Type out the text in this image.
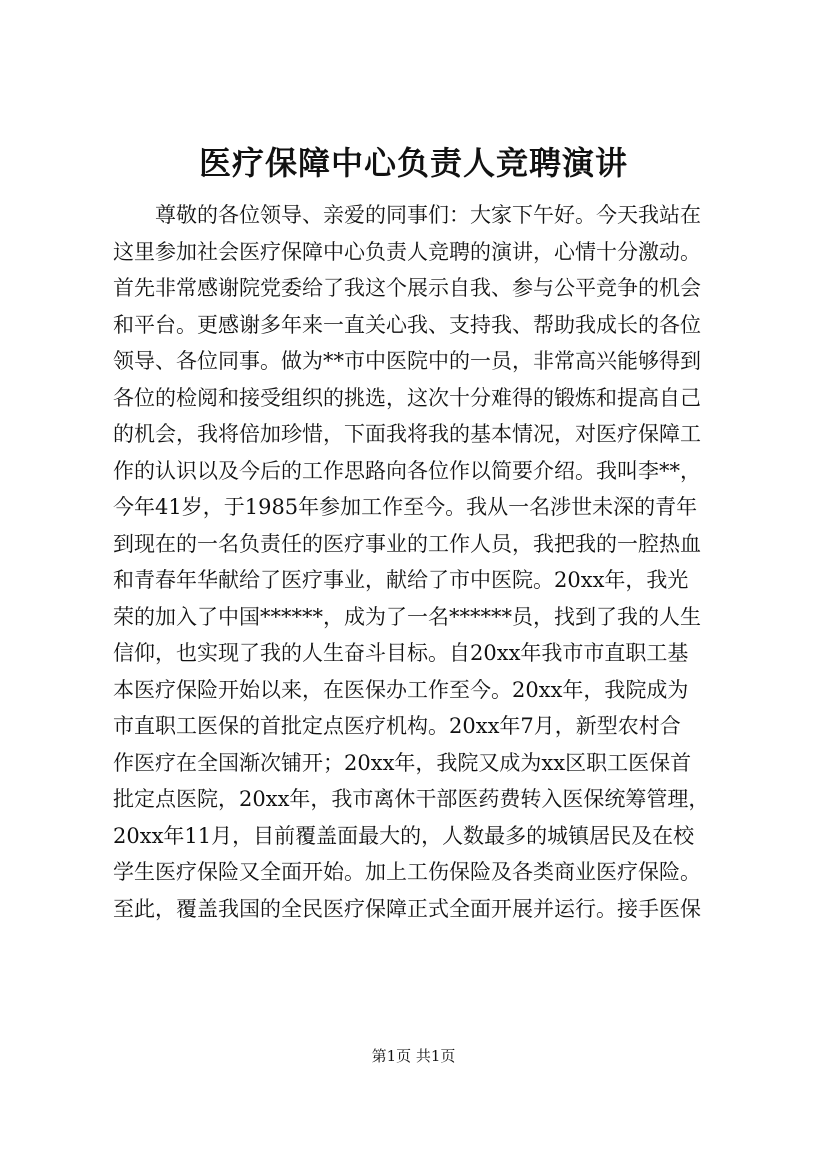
医疗保障中心负责人竞聘演讲
尊敬的各位领导、亲爱的同事们：大家下午好。今天我站在
这里参加社会医疗保障中心负责人竞聘的演讲，心情十分激动。
首先非常感谢院党委给了我这个展示自我、参与公平竞争的机会
和平台。更感谢多年来一直关心我、支持我、帮助我成长的各位
领导、各位同事。做为**市中医院中的一员，非常高兴能够得到
各位的检阅和接受组织的挑选，这次十分难得的锻炼和提高自己
的机会，我将倍加珍惜，下面我将我的基本情况，对医疗保障工
作的认识以及今后的工作思路向各位作以简要介绍。我叫李**，
今年41岁，于1985年参加工作至今。我从一名涉世未深的青年
到现在的一名负责任的医疗事业的工作人员，我把我的一腔热血
和青春年华献给了医疗事业，献给了市中医院。20xx年，我光
荣的加入了中国******，成为了一名******员，找到了我的人生
信仰，也实现了我的人生奋斗目标。自20xx年我市市直职工基
本医疗保险开始以来，在医保办工作至今。20xx年，我院成为
市直职工医保的首批定点医疗机构。20xx年7月，新型农村合
作医疗在全国渐次铺开；20xx年，我院又成为xx区职工医保首
批定点医院，20xx年，我市离休干部医药费转入医保统筹管理，
20xx年11月，目前覆盖面最大的，人数最多的城镇居民及在校
学生医疗保险又全面开始。加上工伤保险及各类商业医疗保险。
至此，覆盖我国的全民医疗保障正式全面开展并运行。接手医保
第1页 共1页
